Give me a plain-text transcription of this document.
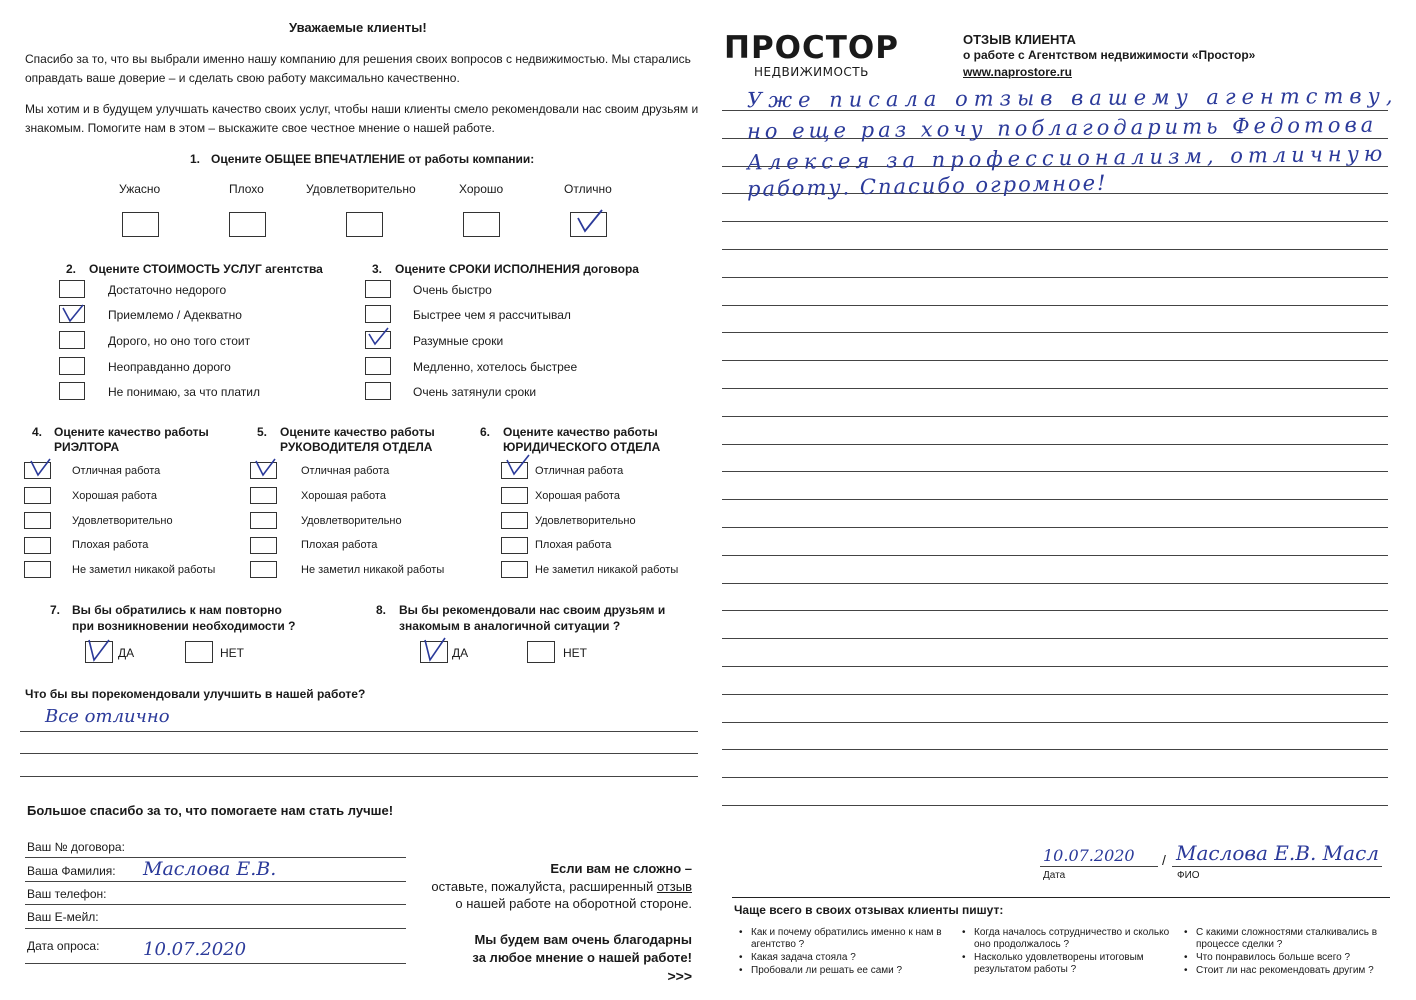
Уважаемые клиенты!
Спасибо за то, что вы выбрали именно нашу компанию для решения своих вопросов с недвижимостью. Мы старались
оправдать ваше доверие – и сделать свою работу максимально качественно.
Мы хотим и в будущем улучшать качество своих услуг, чтобы наши клиенты смело рекомендовали нас своим друзьям и
знакомым. Помогите нам в этом – выскажите свое честное мнение о нашей работе.
1. Оцените ОБЩЕЕ ВПЕЧАТЛЕНИЕ от работы компании:
Ужасно	Плохо	Удовлетворительно	Хорошо	Отлично
2. Оцените СТОИМОСТЬ УСЛУГ агентства
Достаточно недорого
Приемлемо / Адекватно
Дорого, но оно того стоит
Неоправданно дорого
Не понимаю, за что платил
3. Оцените СРОКИ ИСПОЛНЕНИЯ договора
Очень быстро
Быстрее чем я рассчитывал
Разумные сроки
Медленно, хотелось быстрее
Очень затянули сроки
4. Оцените качество работы
РИЭЛТОРА
Отличная работа
Хорошая работа
Удовлетворительно
Плохая работа
Не заметил никакой работы
5. Оцените качество работы
РУКОВОДИТЕЛЯ ОТДЕЛА
Отличная работа
Хорошая работа
Удовлетворительно
Плохая работа
Не заметил никакой работы
6. Оцените качество работы
ЮРИДИЧЕСКОГО ОТДЕЛА
Отличная работа
Хорошая работа
Удовлетворительно
Плохая работа
Не заметил никакой работы
7. Вы бы обратились к нам повторно
при возникновении необходимости ?
ДА	НЕТ
8. Вы бы рекомендовали нас своим друзьям и
знакомым в аналогичной ситуации ?
ДА	НЕТ
Что бы вы порекомендовали улучшить в нашей работе?
Все отлично
Большое спасибо за то, что помогаете нам стать лучше!
Ваш № договора:
Ваша Фамилия: Маслова Е.В.
Ваш телефон:
Ваш Е-мейл:
Дата опроса: 10.07.2020
Если вам не сложно –
оставьте, пожалуйста, расширенный отзыв
о нашей работе на оборотной стороне.
Мы будем вам очень благодарны
за любое мнение о нашей работе!
>>>
ПРОСТОР
НЕДВИЖИМОСТЬ
ОТЗЫВ КЛИЕНТА
о работе с Агентством недвижимости «Простор»
www.naprostore.ru
Уже писала отзыв вашему агентству,
но еще раз хочу поблагодарить Федотова
Алексея за профессионализм, отличную
работу. Спасибо огромное!
10.07.2020
Дата
/ Маслова Е.В. Масл
ФИО
Чаще всего в своих отзывах клиенты пишут:
• Как и почему обратились именно к нам в агентство ?
• Какая задача стояла ?
• Пробовали ли решать ее сами ?
• Когда началось сотрудничество и сколько оно продолжалось ?
• Насколько удовлетворены итоговым результатом работы ?
• С какими сложностями сталкивались в процессе сделки ?
• Что понравилось больше всего ?
• Стоит ли нас рекомендовать другим ?
